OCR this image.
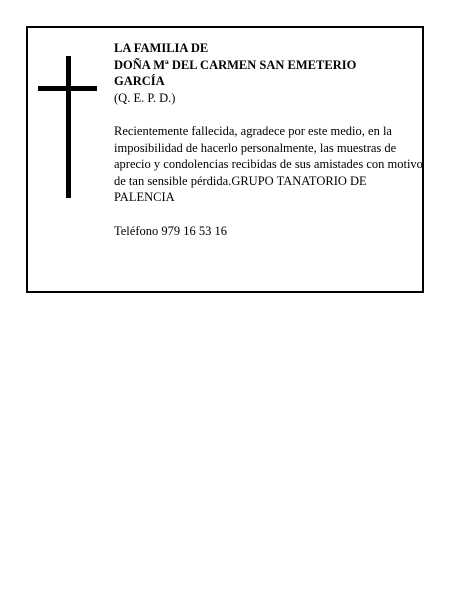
LA FAMILIA DE

DOÑA Mª DEL CARMEN SAN EMETERIO

GARCÍA

(Q. E. P. D.)

Recientemente fallecida, agradece por este medio, en la imposibilidad de hacerlo personalmente, las muestras de aprecio y condolencias recibidas de sus amistades con motivo de tan sensible pérdida.GRUPO TANATORIO DE PALENCIA

Teléfono 979 16 53 16
